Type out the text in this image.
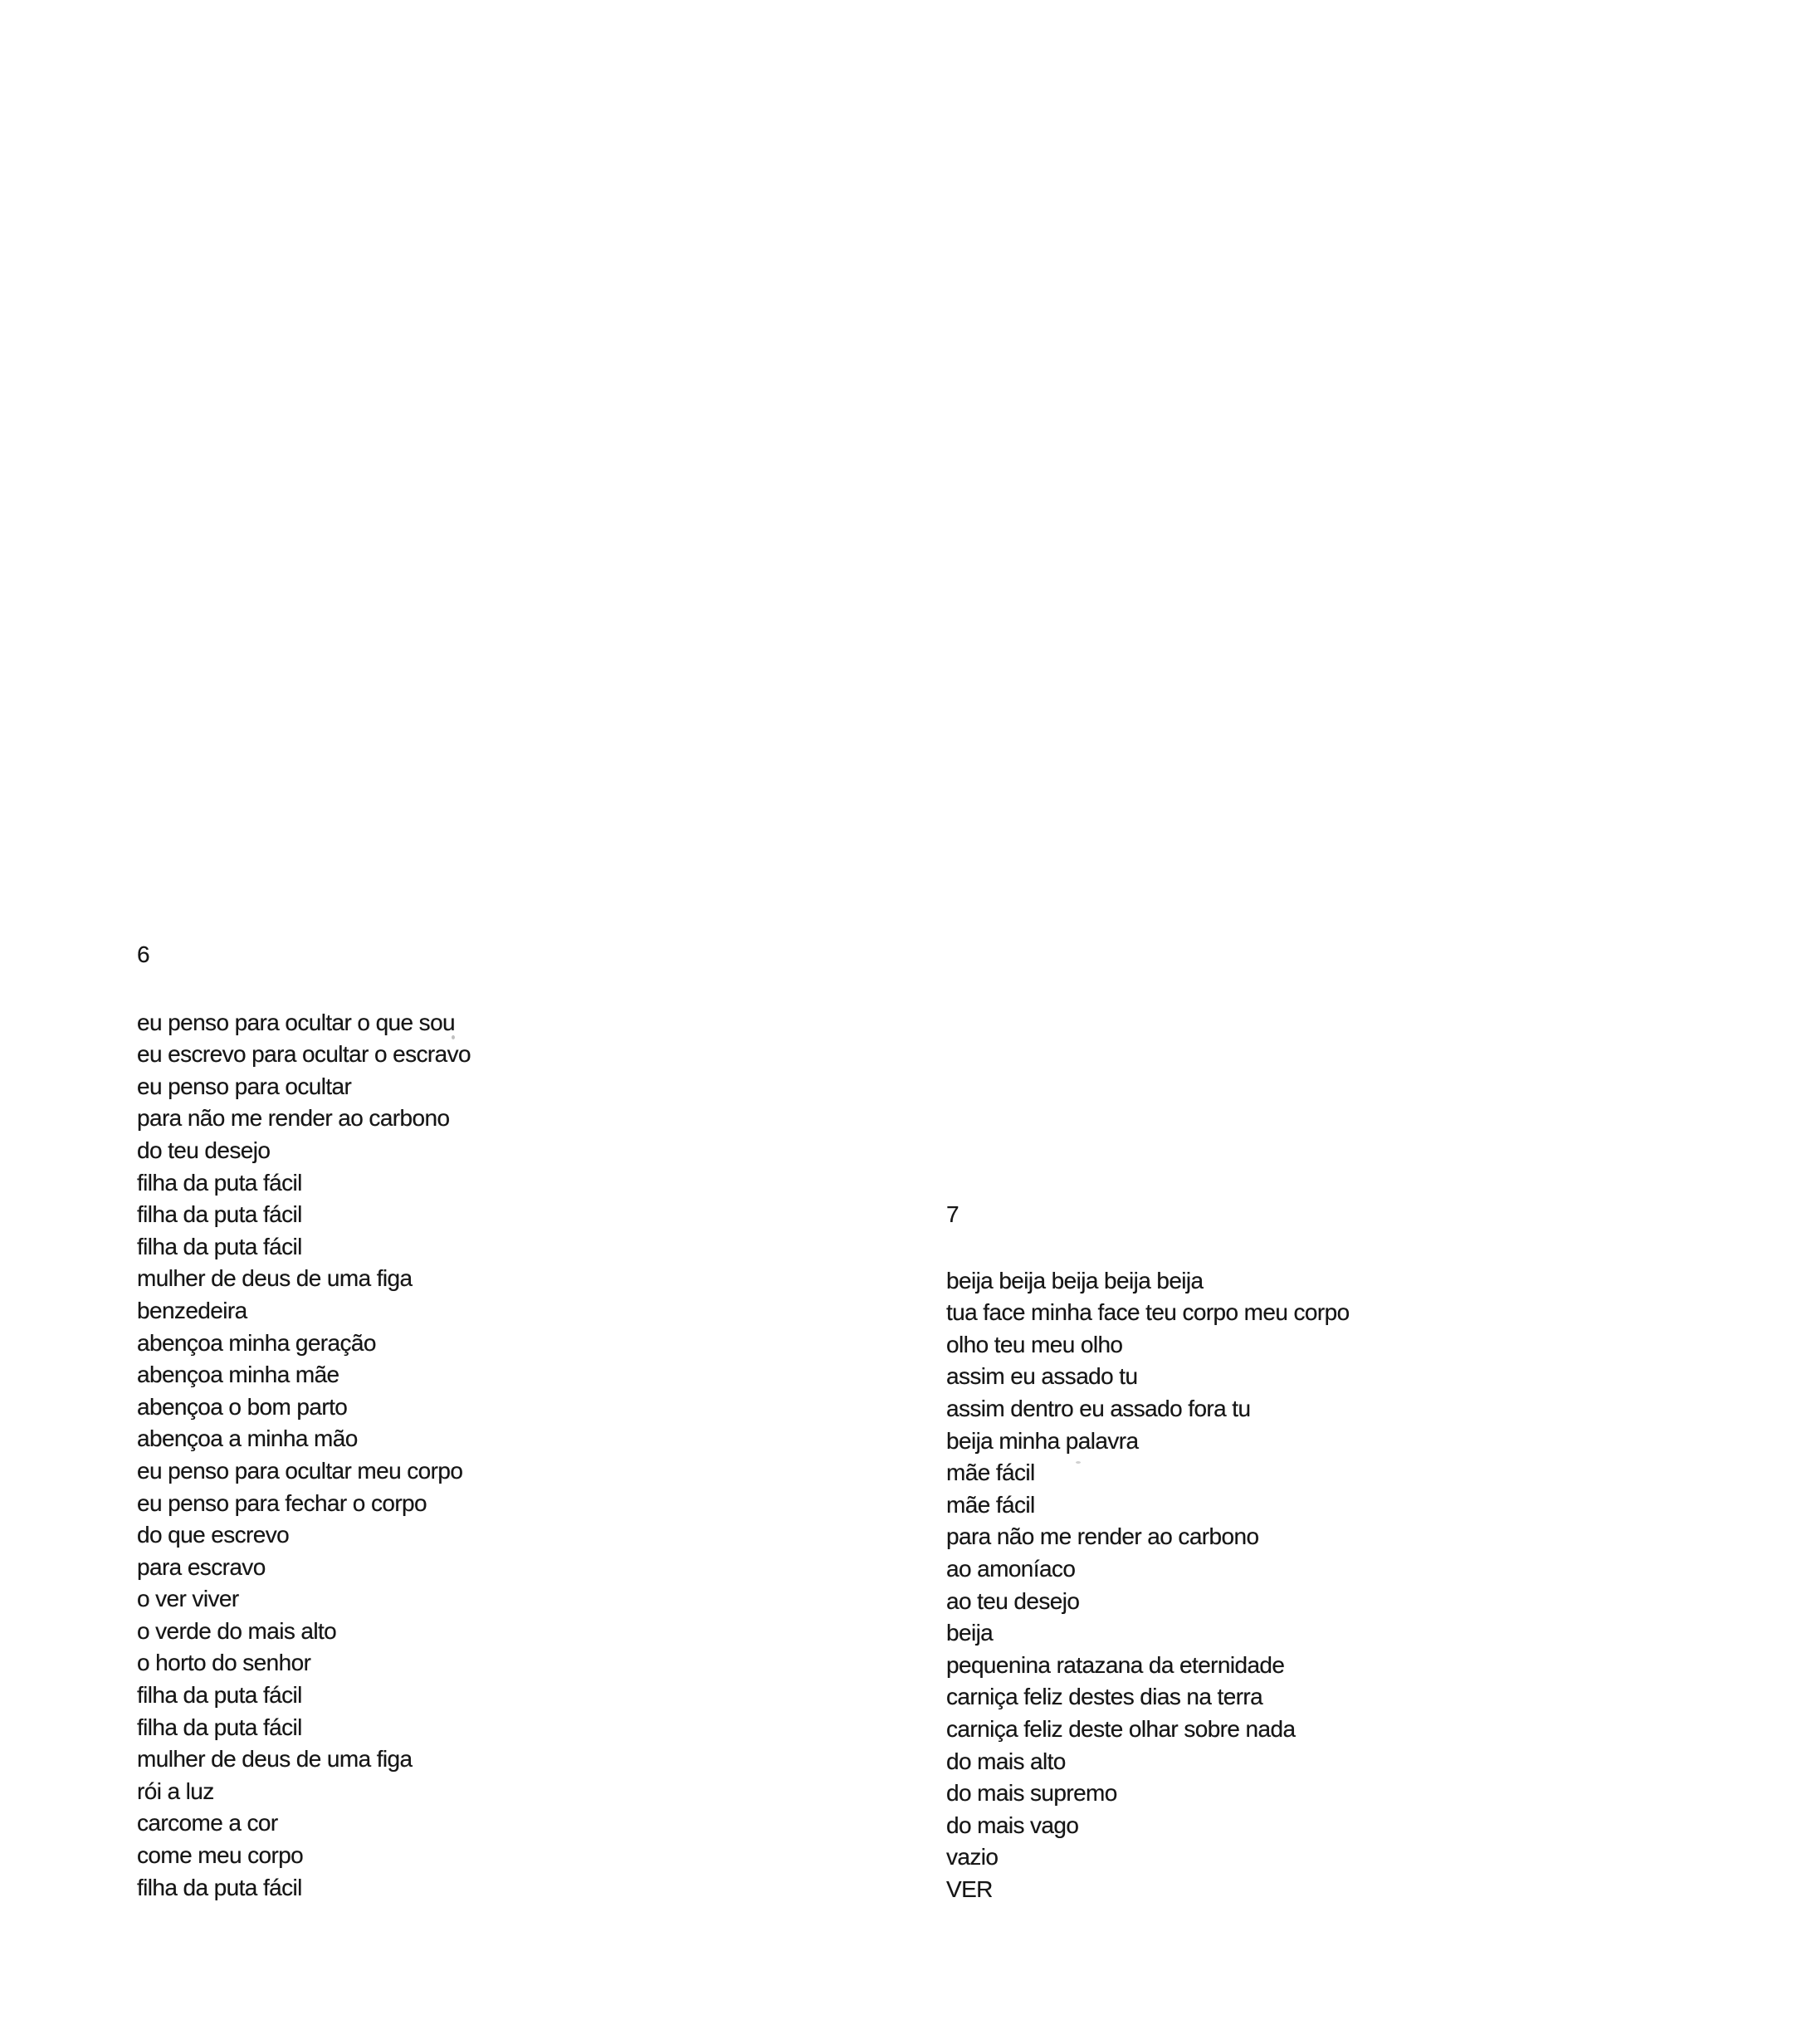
6
eu penso para ocultar o que sou
eu escrevo para ocultar o escravo
eu penso para ocultar
para não me render ao carbono
do teu desejo
filha da puta fácil
filha da puta fácil
filha da puta fácil
mulher de deus de uma figa
benzedeira
abençoa minha geração
abençoa minha mãe
abençoa o bom parto
abençoa a minha mão
eu penso para ocultar meu corpo
eu penso para fechar o corpo
do que escrevo
para escravo
o ver viver
o verde do mais alto
o horto do senhor
filha da puta fácil
filha da puta fácil
mulher de deus de uma figa
rói a luz
carcome a cor
come meu corpo
filha da puta fácil
7
beija beija beija beija beija
tua face minha face teu corpo meu corpo
olho teu meu olho
assim eu assado tu
assim dentro eu assado fora tu
beija minha palavra
mãe fácil
mãe fácil
para não me render ao carbono
ao amoníaco
ao teu desejo
beija
pequenina ratazana da eternidade
carniça feliz destes dias na terra
carniça feliz deste olhar sobre nada
do mais alto
do mais supremo
do mais vago
vazio
VER
